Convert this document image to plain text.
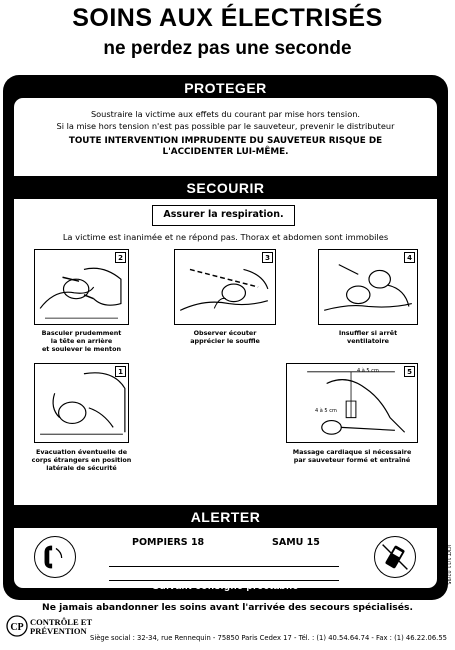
SOINS AUX ÉLECTRISÉS
ne perdez pas une seconde
PROTEGER
Soustraire la victime aux effets du courant par mise hors tension.
Si la mise hors tension n'est pas possible par le sauveteur, prevenir le distributeur
TOUTE INTERVENTION IMPRUDENTE DU SAUVETEUR RISQUE DE
L'ACCIDENTER LUI-MÊME.
SECOURIR
Assurer la respiration.
La victime est inanimée et ne répond pas. Thorax et abdomen sont immobiles
2
Basculer prudemment
la tête en arrière
et soulever le menton
3
Observer écouter
apprécier le souffle
4
Insuffler si arrêt
ventilatoire
1
Evacuation éventuelle de
corps étrangers en position
latérale de sécurité
5
4 à 5 cm
4 à 5 cm
Massage cardiaque si nécessaire
par sauveteur formé et entraîné
ALERTER
POMPIERS 18	SAMU 15
Suivant consigne préétablie
ICKT 1/11 02/95
Ne jamais abandonner les soins avant l'arrivée des secours spécialisés.
CP CONTRÔLE ET
PRÉVENTION
Siège social : 32-34, rue Rennequin - 75850 Paris Cedex 17 - Tél. : (1) 40.54.64.74 - Fax : (1) 46.22.06.55
